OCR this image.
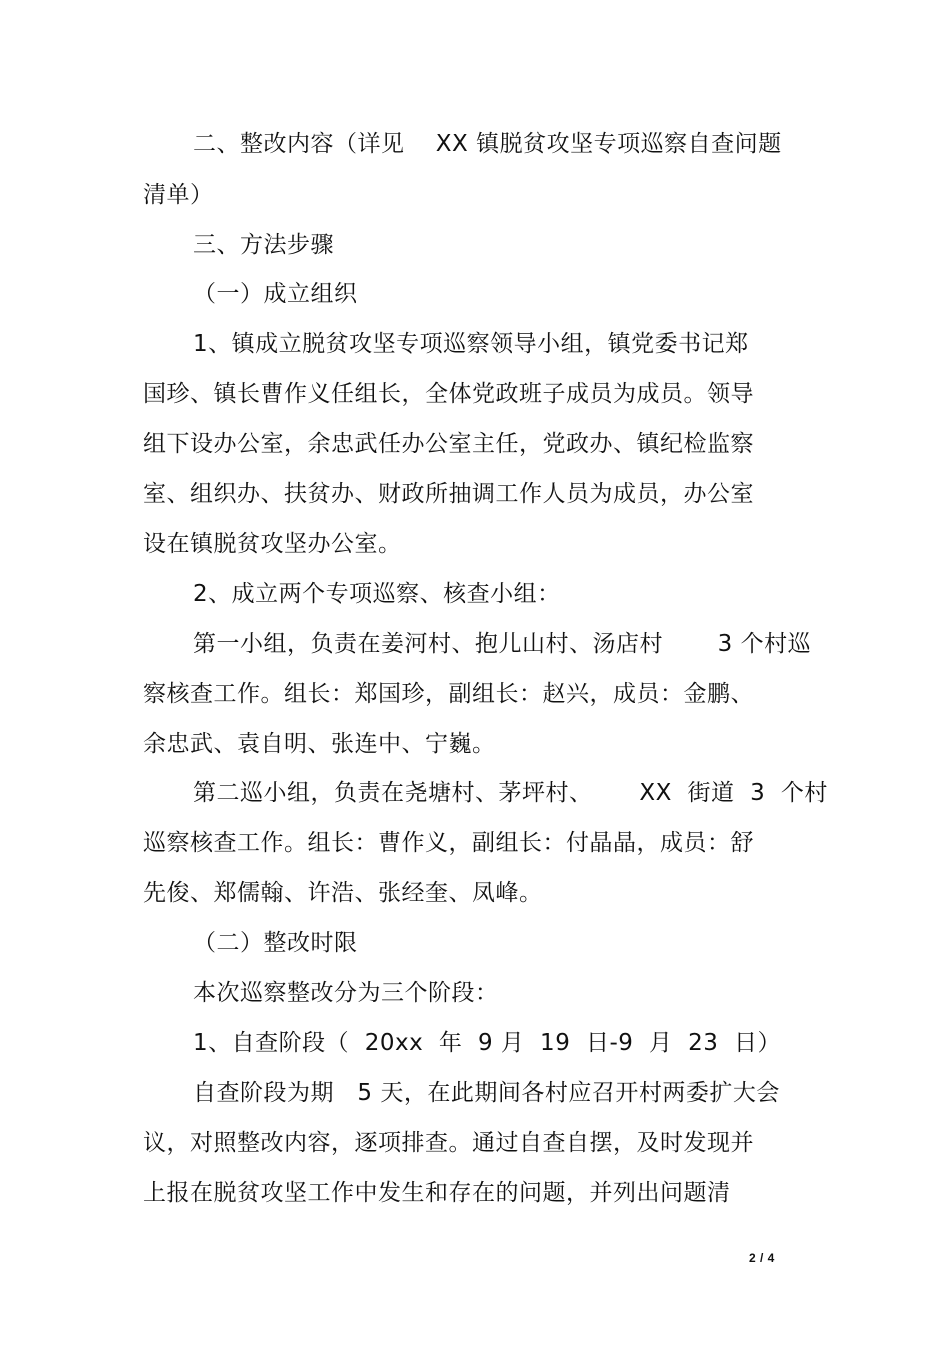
二、整改内容（详见    XX 镇脱贫攻坚专项巡察自查问题
清单）
三、方法步骤
（一）成立组织
1、镇成立脱贫攻坚专项巡察领导小组，镇党委书记郑
国珍、镇长曹作义任组长，全体党政班子成员为成员。领导
组下设办公室，余忠武任办公室主任，党政办、镇纪检监察
室、组织办、扶贫办、财政所抽调工作人员为成员，办公室
设在镇脱贫攻坚办公室。
2、成立两个专项巡察、核查小组：
第一小组，负责在姜河村、抱儿山村、汤店村       3 个村巡
察核查工作。组长：郑国珍，副组长：赵兴，成员：金鹏、
余忠武、袁自明、张连中、宁巍。
第二巡小组，负责在尧塘村、茅坪村、      XX  街道  3  个村
巡察核查工作。组长：曹作义，副组长：付晶晶，成员：舒
先俊、郑儒翰、许浩、张经奎、凤峰。
（二）整改时限
本次巡察整改分为三个阶段：
1、自查阶段（  20xx  年  9 月  19  日-9  月  23  日）
自查阶段为期   5 天，在此期间各村应召开村两委扩大会
议，对照整改内容，逐项排查。通过自查自摆，及时发现并
上报在脱贫攻坚工作中发生和存在的问题，并列出问题清
2 / 4
